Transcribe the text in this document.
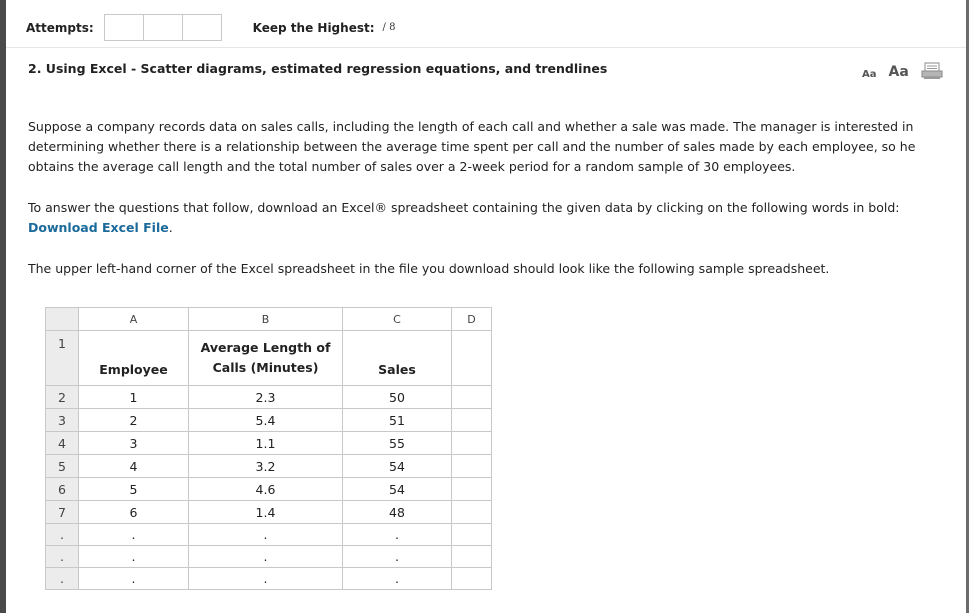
Attempts:	Keep the Highest: / 8
2. Using Excel - Scatter diagrams, estimated regression equations, and trendlines	Aa Aa

Suppose a company records data on sales calls, including the length of each call and whether a sale was made. The manager is interested in determining whether there is a relationship between the average time spent per call and the number of sales made by each employee, so he obtains the average call length and the total number of sales over a 2-week period for a random sample of 30 employees.

To answer the questions that follow, download an Excel® spreadsheet containing the given data by clicking on the following words in bold:
Download Excel File.

The upper left-hand corner of the Excel spreadsheet in the file you download should look like the following sample spreadsheet.

	A	B	C	D
1	Employee	Average Length of
Calls (Minutes)	Sales	
2	1	2.3	50	
3	2	5.4	51	
4	3	1.1	55	
5	4	3.2	54	
6	5	4.6	54	
7	6	1.4	48	
.	.	.	.	
.	.	.	.	
.	.	.	.	
